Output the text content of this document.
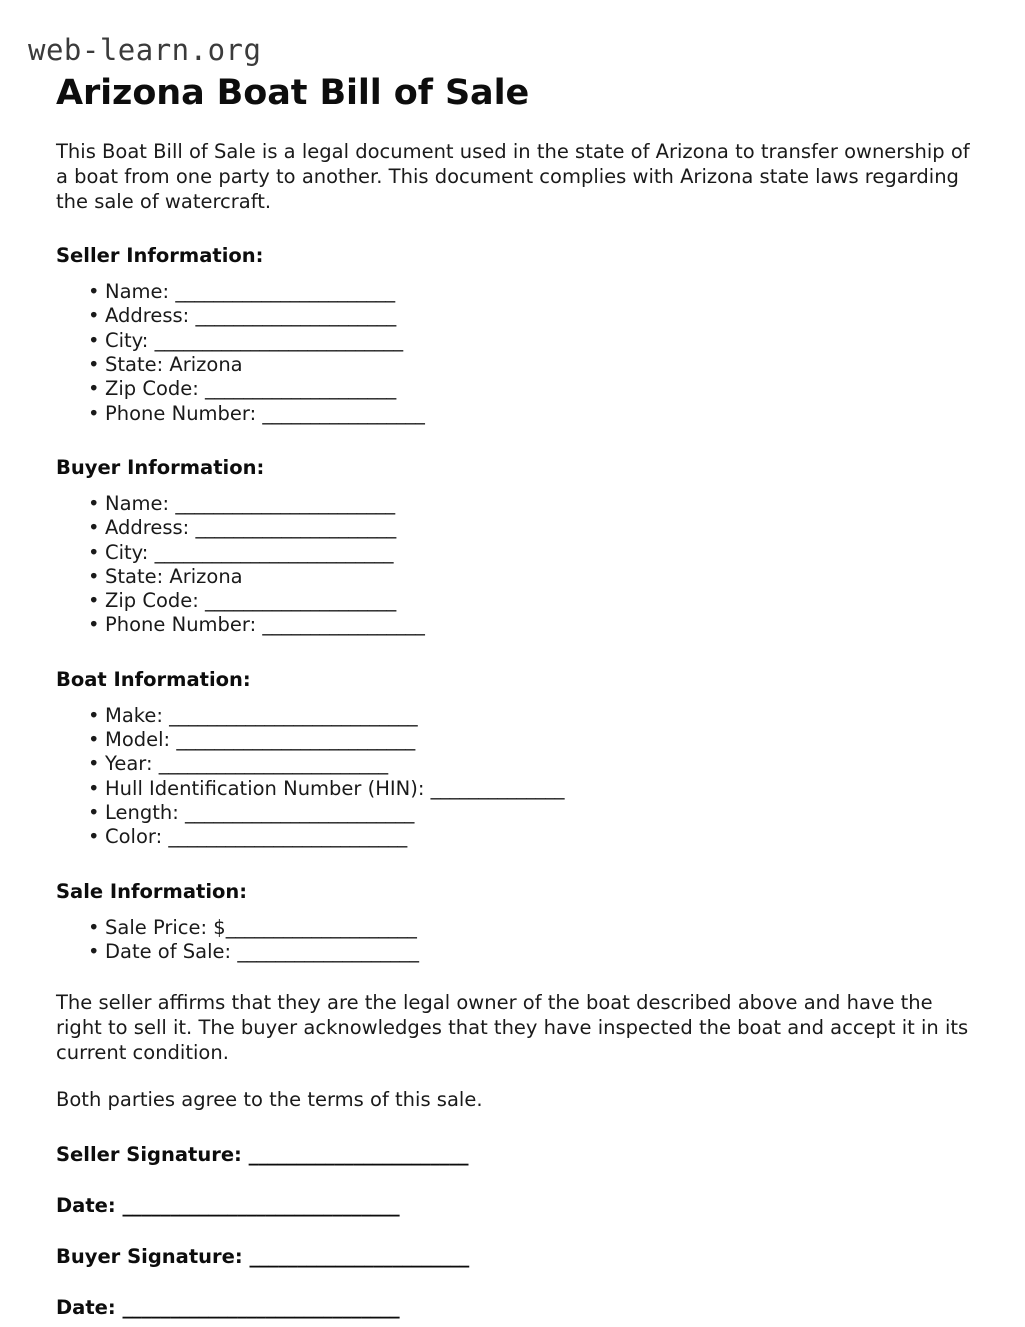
web-learn.org
Arizona Boat Bill of Sale

This Boat Bill of Sale is a legal document used in the state of Arizona to transfer ownership of a boat from one party to another. This document complies with Arizona state laws regarding the sale of watercraft.

Seller Information:
• Name: _______________________
• Address: _____________________
• City: __________________________
• State: Arizona
• Zip Code: ____________________
• Phone Number: _________________
Buyer Information:
• Name: _______________________
• Address: _____________________
• City: _________________________
• State: Arizona
• Zip Code: ____________________
• Phone Number: _________________
Boat Information:
• Make: __________________________
• Model: _________________________
• Year: ________________________
• Hull Identification Number (HIN): ______________
• Length: ________________________
• Color: _________________________
Sale Information:
• Sale Price: $____________________
• Date of Sale: ___________________

The seller affirms that they are the legal owner of the boat described above and have the right to sell it. The buyer acknowledges that they have inspected the boat and accept it in its current condition.

Both parties agree to the terms of this sale.

Seller Signature: _______________________
Date: _____________________________
Buyer Signature: _______________________
Date: _____________________________
